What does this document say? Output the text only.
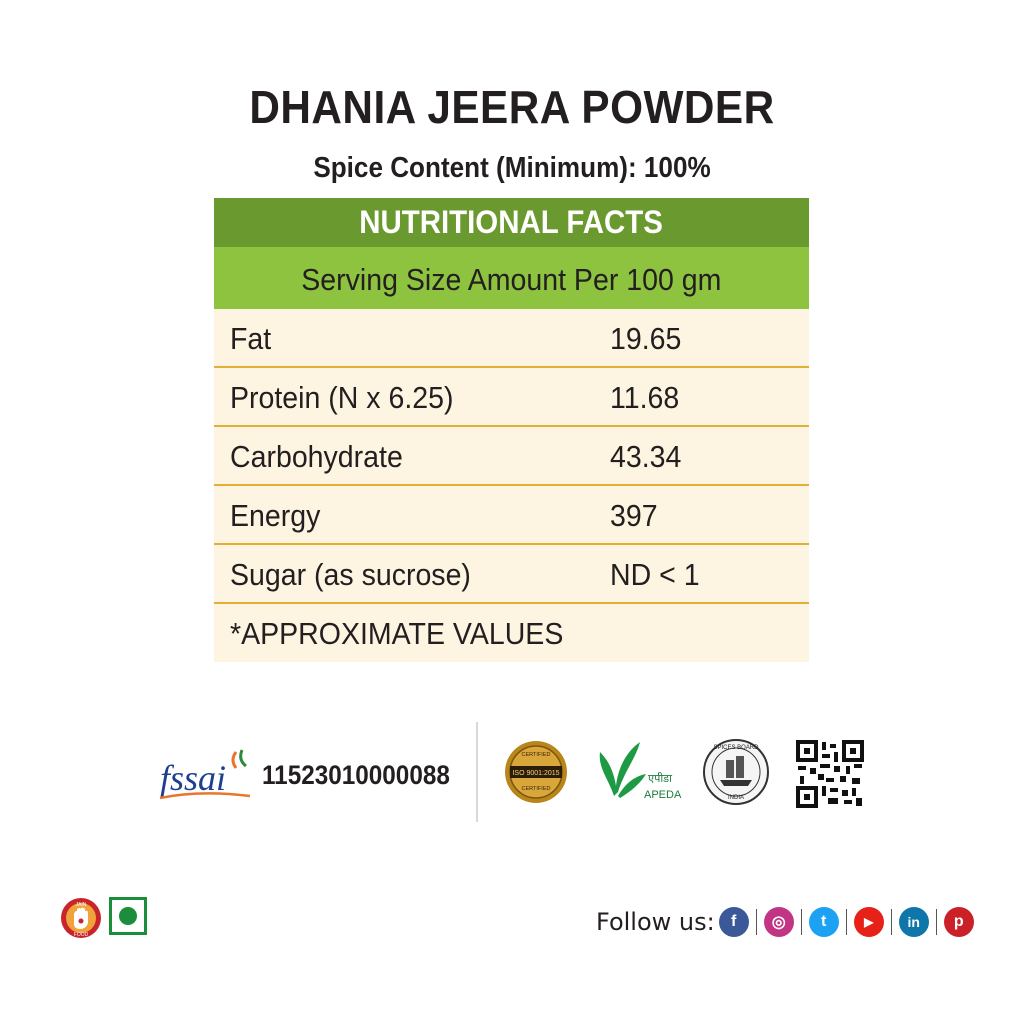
DHANIA JEERA POWDER
Spice Content (Minimum): 100%
NUTRITIONAL FACTS
Serving Size Amount Per 100 gm
Fat	19.65
Protein (N x 6.25)	11.68
Carbohydrate	43.34
Energy	397
Sugar (as sucrose)	ND < 1
*APPROXIMATE VALUES
fssai 11523010000088	ISO 9001:2015
CERTIFIED
CERTIFIED
एपीडा
APEDA
SPICES BOARD
INDIA
JAIN
FOOD	Follow us:	f	◎	t	▶	in	p
